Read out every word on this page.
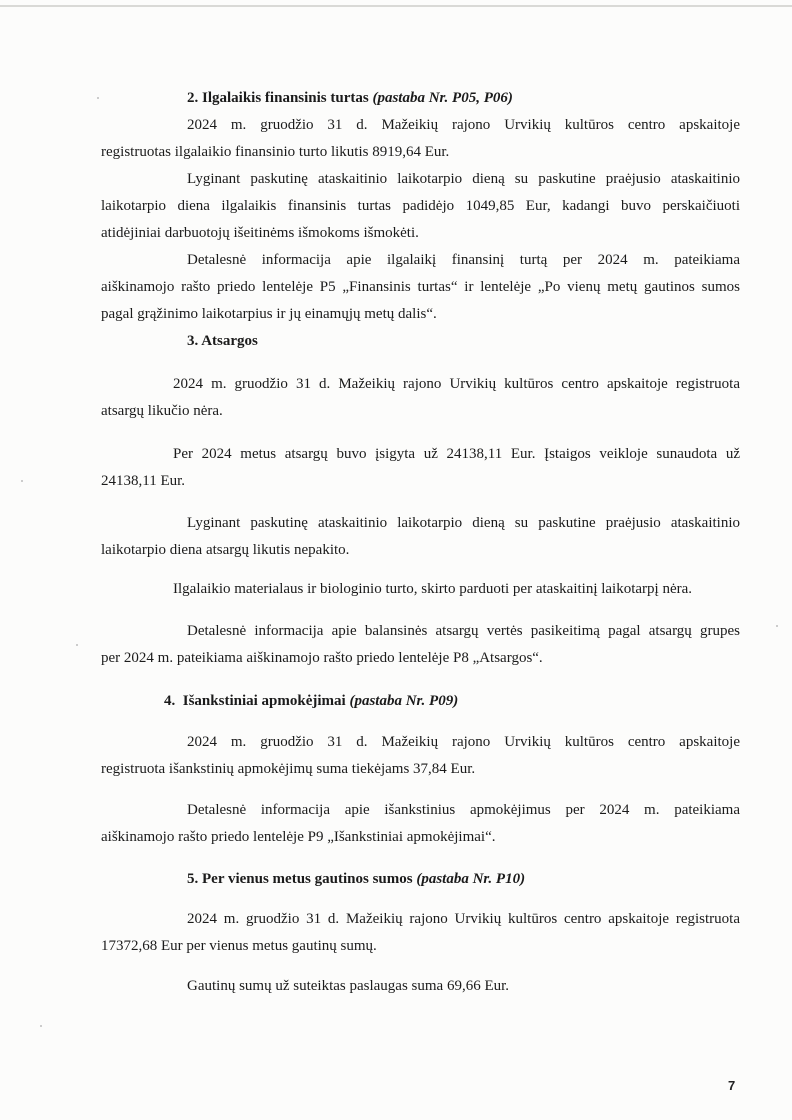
2. Ilgalaikis finansinis turtas (pastaba Nr. P05, P06)
2024 m. gruodžio 31 d. Mažeikių rajono Urvikių kultūros centro apskaitoje
registruotas ilgalaikio finansinio turto likutis 8919,64 Eur.
Lyginant paskutinę ataskaitinio laikotarpio dieną su paskutine praėjusio ataskaitinio
laikotarpio diena ilgalaikis finansinis turtas padidėjo 1049,85 Eur, kadangi buvo perskaičiuoti
atidėjiniai darbuotojų išeitinėms išmokoms išmokėti.
Detalesnė informacija apie ilgalaikį finansinį turtą per 2024 m. pateikiama
aiškinamojo rašto priedo lentelėje P5 „Finansinis turtas“ ir lentelėje „Po vienų metų gautinos sumos
pagal grąžinimo laikotarpius ir jų einamųjų metų dalis“.
3. Atsargos
2024 m. gruodžio 31 d. Mažeikių rajono Urvikių kultūros centro apskaitoje registruota
atsargų likučio nėra.
Per 2024 metus atsargų buvo įsigyta už 24138,11 Eur. Įstaigos veikloje sunaudota už
24138,11 Eur.
Lyginant paskutinę ataskaitinio laikotarpio dieną su paskutine praėjusio ataskaitinio
laikotarpio diena atsargų likutis nepakito.
Ilgalaikio materialaus ir biologinio turto, skirto parduoti per ataskaitinį laikotarpį nėra.
Detalesnė informacija apie balansinės atsargų vertės pasikeitimą pagal atsargų grupes
per 2024 m. pateikiama aiškinamojo rašto priedo lentelėje P8 „Atsargos“.
4. Išankstiniai apmokėjimai (pastaba Nr. P09)
2024 m. gruodžio 31 d. Mažeikių rajono Urvikių kultūros centro apskaitoje
registruota išankstinių apmokėjimų suma tiekėjams 37,84 Eur.
Detalesnė informacija apie išankstinius apmokėjimus per 2024 m. pateikiama
aiškinamojo rašto priedo lentelėje P9 „Išankstiniai apmokėjimai“.
5. Per vienus metus gautinos sumos (pastaba Nr. P10)
2024 m. gruodžio 31 d. Mažeikių rajono Urvikių kultūros centro apskaitoje registruota
17372,68 Eur per vienus metus gautinų sumų.
Gautinų sumų už suteiktas paslaugas suma 69,66 Eur.
7
